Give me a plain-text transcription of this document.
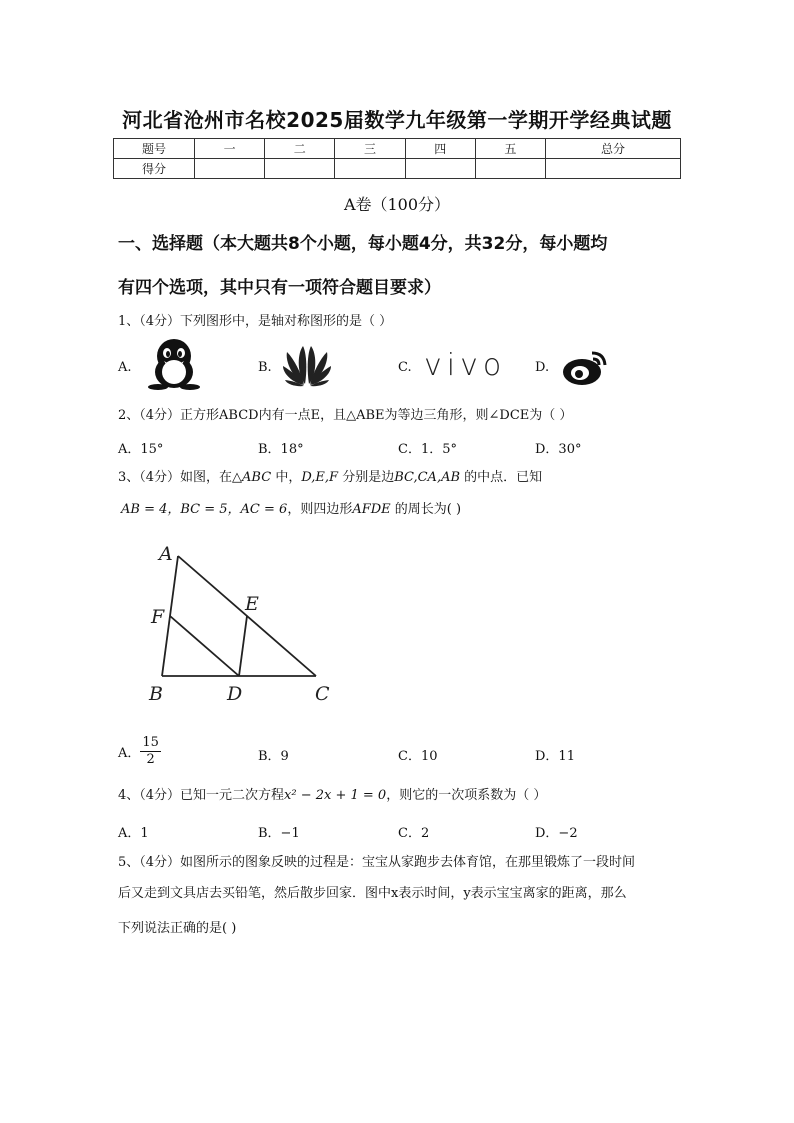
河北省沧州市名校2025届数学九年级第一学期开学经典试题
题号	一	二	三	四	五	总分
得分						
A卷（100分）
一、选择题（本大题共8个小题，每小题4分，共32分，每小题均
有四个选项，其中只有一项符合题目要求）
1、（4分）下列图形中，是轴对称图形的是（ ）
A.	B.	C. vivo D.
2、（4分）正方形ABCD内有一点E，且△ABE为等边三角形，则∠DCE为（ ）
A．15°	B．18°	C．1．5°	D．30°
3、（4分）如图，在△ABC 中，D,E,F 分别是边BC,CA,AB 的中点．已知
AB = 4，BC = 5，AC = 6，则四边形AFDE 的周长为( )
A
F
E
B	D	C
A． $\frac{15}{2}$	B．9	C．10	D．11
4、（4分）已知一元二次方程x² − 2x + 1 = 0，则它的一次项系数为（ ）
A．1	B．−1	C．2	D．−2
5、（4分）如图所示的图象反映的过程是：宝宝从家跑步去体育馆，在那里锻炼了一段时间
后又走到文具店去买铅笔，然后散步回家．图中x表示时间，y表示宝宝离家的距离，那么
下列说法正确的是( )
